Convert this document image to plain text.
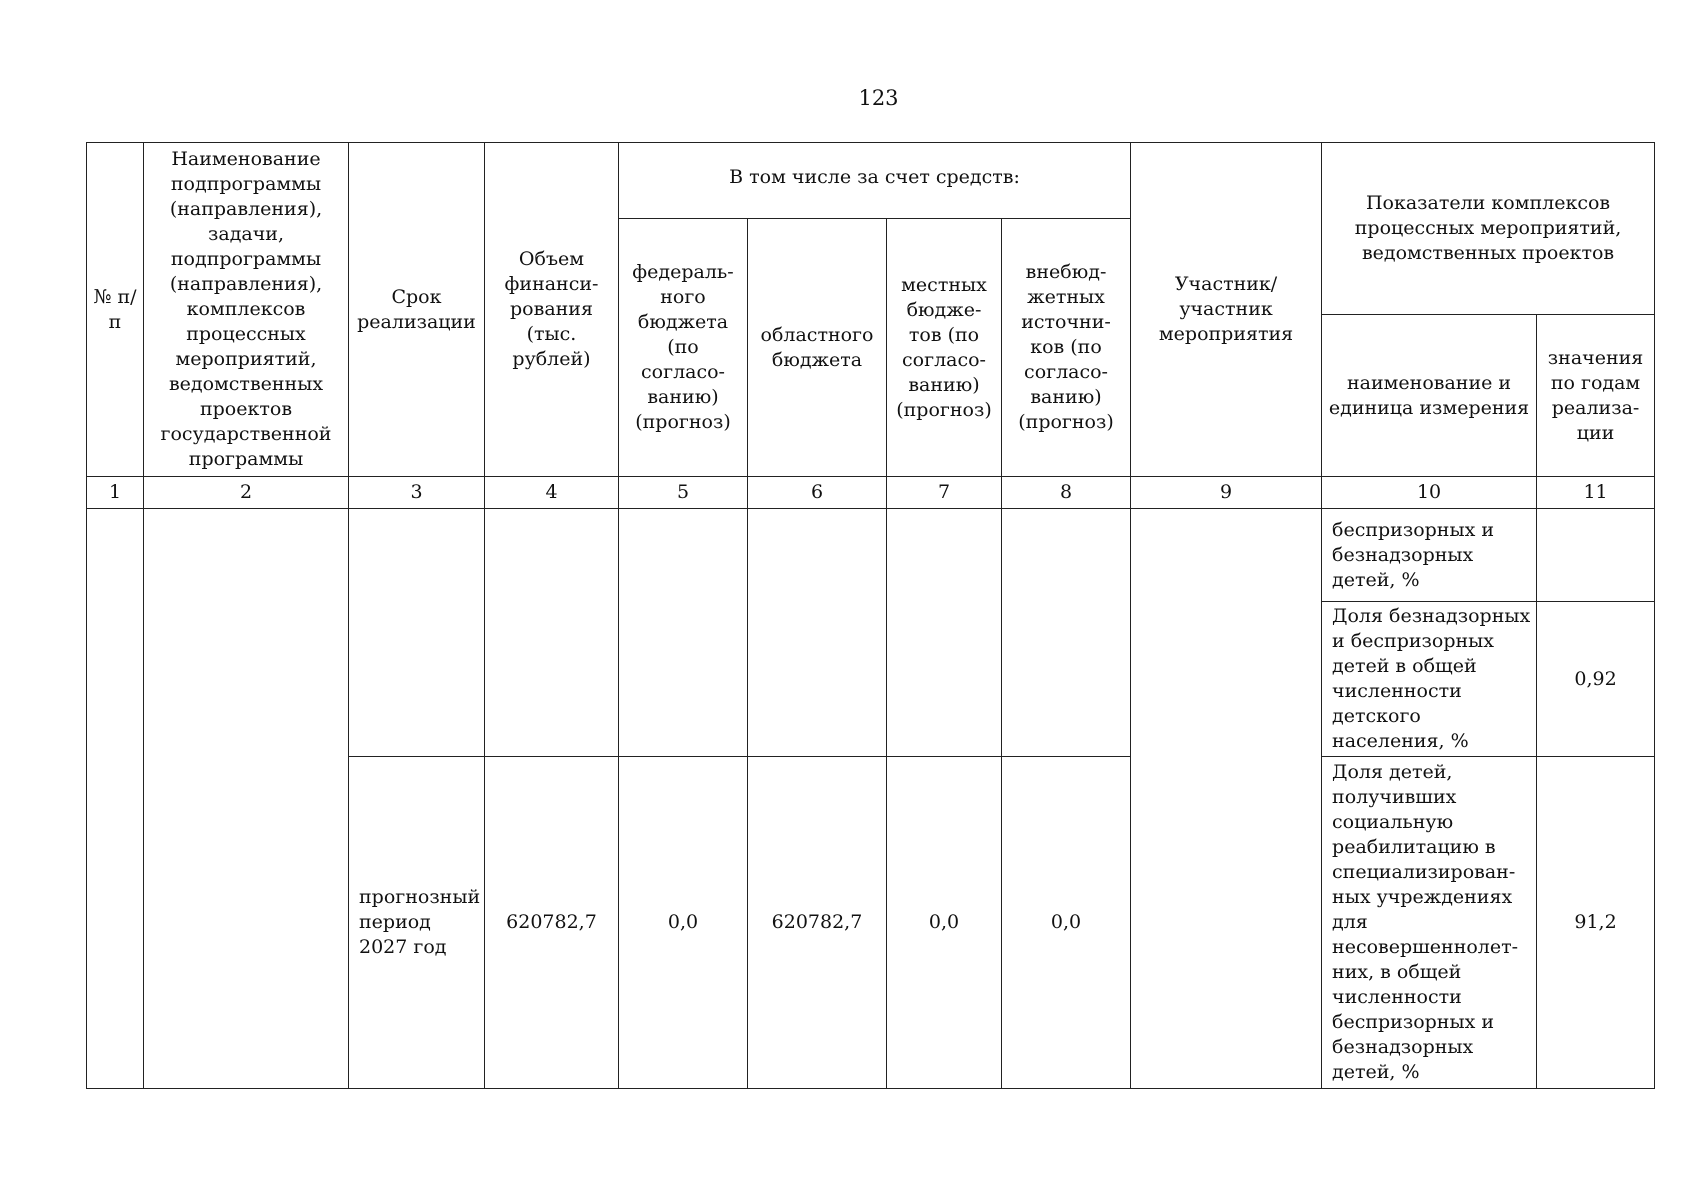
123
№ п/п	Наименование подпрограммы (направления), задачи, подпрограммы (направления), комплексов процессных мероприятий, ведомственных проектов государственной программы	Срок реализации	Объем финанси-рования (тыс. рублей)	В том числе за счет средств:				Участник/ участник мероприятия	Показатели комплексов процессных мероприятий, ведомственных проектов	
				федераль-ного бюджета (по согласо-ванию) (прогноз)	областного бюджета	местных бюдже-тов (по согласо-ванию) (прогноз)	внебюд-жетных источни-ков (по согласо-ванию) (прогноз)			
									наименование и единица измерения	значения по годам реализа-ции
1	2	3	4	5	6	7	8	9	10	11
									беспризорных и безнадзорных детей, %	
									Доля безнадзорных и беспризорных детей в общей численности детского населения, %	0,92
		прогнозный период 2027 год	620782,7	0,0	620782,7	0,0	0,0		Доля детей, получивших социальную реабилитацию в специализирован-ных учреждениях для несовершеннолет-них, в общей численности беспризорных и безнадзорных детей, %	91,2
